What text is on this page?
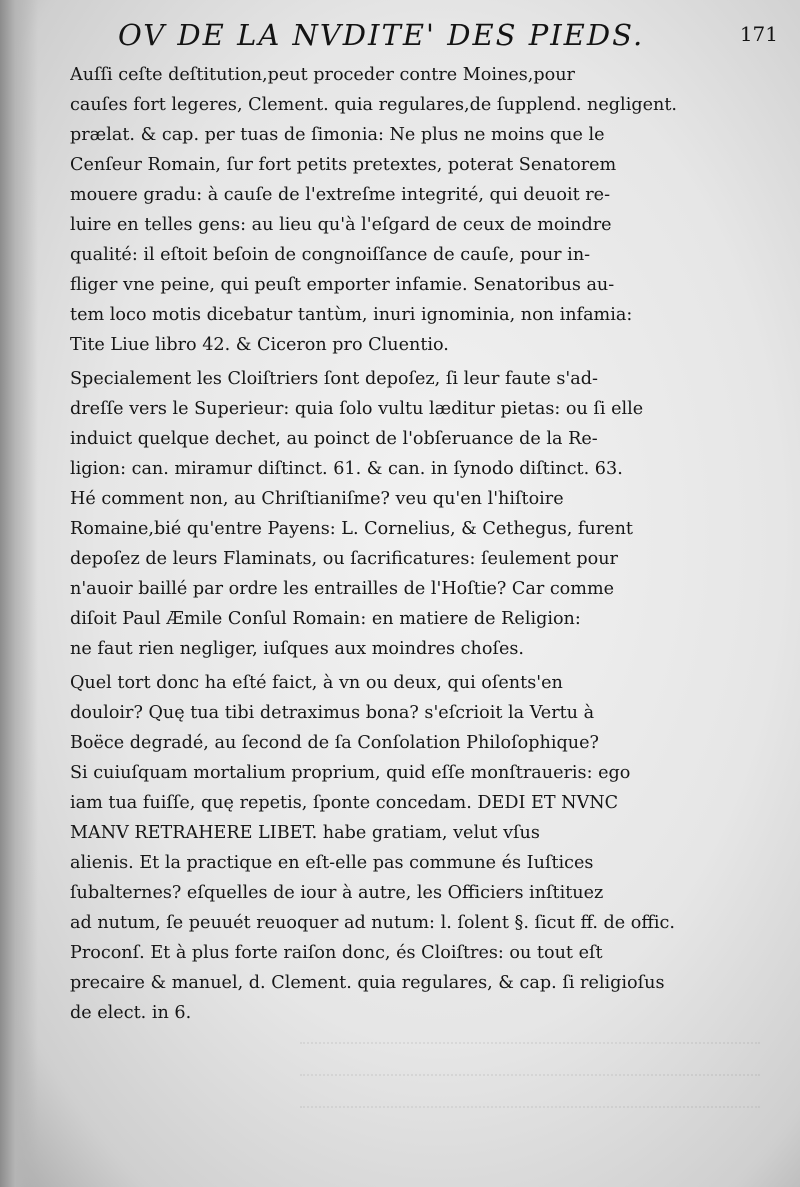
OV DE LA NVDITE' DES PIEDS.	171
Auſſi ceſte deſtitution,peut proceder contre Moines,pour
cauſes fort legeres, Clement. quia regulares,de ſupplend. negligent.
prælat. & cap. per tuas de ſimonia: Ne plus ne moins que le
Cenſeur Romain, ſur fort petits pretextes, poterat Senatorem
mouere gradu: à cauſe de l'extreſme integrité, qui deuoit re-
luire en telles gens: au lieu qu'à l'eſgard de ceux de moindre
qualité: il eſtoit beſoin de congnoiſſance de cauſe, pour in-
fliger vne peine, qui peuſt emporter infamie. Senatoribus au-
tem loco motis dicebatur tantùm, inuri ignominia, non infamia:
Tite Liue libro 42. & Ciceron pro Cluentio.
Specialement les Cloiſtriers ſont depoſez, ſi leur faute s'ad-
dreſſe vers le Superieur: quia ſolo vultu læditur pietas: ou ſi elle
induict quelque dechet, au poinct de l'obſeruance de la Re-
ligion: can. miramur diſtinct. 61. & can. in ſynodo diſtinct. 63.
Hé comment non, au Chriſtianiſme? veu qu'en l'hiſtoire
Romaine,bié qu'entre Payens: L. Cornelius, & Cethegus, furent
depoſez de leurs Flaminats, ou ſacrificatures: ſeulement pour
n'auoir baillé par ordre les entrailles de l'Hoſtie? Car comme
diſoit Paul Æmile Conſul Romain: en matiere de Religion:
ne faut rien negliger, iuſques aux moindres choſes.
Quel tort donc ha eſté faict, à vn ou deux, qui oſents'en
douloir? Quę tua tibi detraximus bona? s'eſcrioit la Vertu à
Boëce degradé, au ſecond de ſa Conſolation Philoſophique?
Si cuiuſquam mortalium proprium, quid eſſe monſtraueris: ego
iam tua fuiſſe, quę repetis, ſponte concedam. DEDI ET NVNC
MANV RETRAHERE LIBET. habe gratiam, velut vſus
alienis. Et la practique en eſt-elle pas commune és Iuſtices
ſubalternes? eſquelles de iour à autre, les Officiers inſtituez
ad nutum, ſe peuuét reuoquer ad nutum: l. ſolent §. ſicut ff. de offic.
Proconſ. Et à plus forte raiſon donc, és Cloiſtres: ou tout eſt
precaire & manuel, d. Clement. quia regulares, & cap. ſi religioſus
de elect. in 6.
